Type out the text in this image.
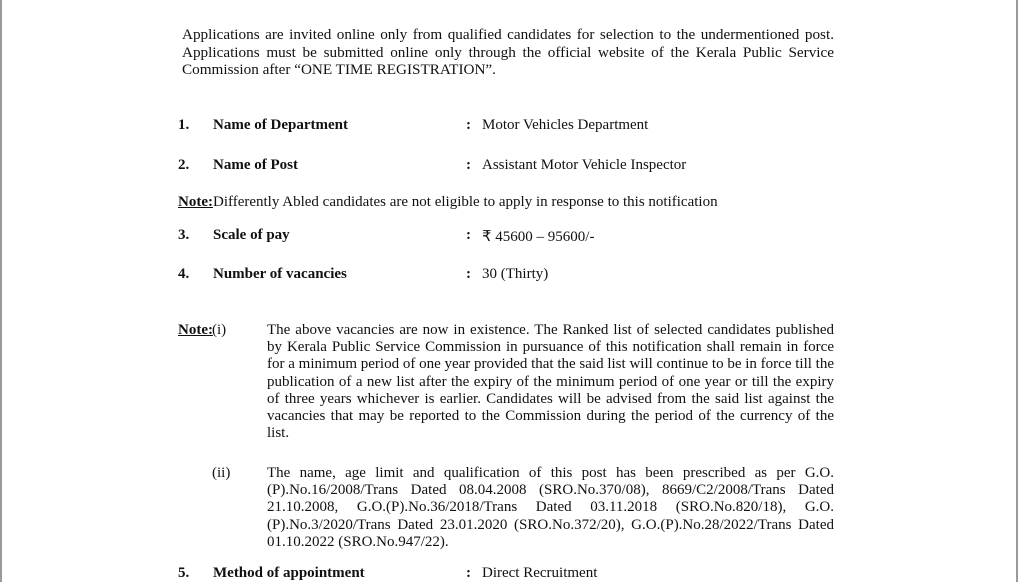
Applications are invited online only from qualified candidates for selection to the undermentioned post. Applications must be submitted online only through the official website of the Kerala Public Service Commission after “ONE TIME REGISTRATION”.
1. Name of Department	: Motor Vehicles Department
2. Name of Post	: Assistant Motor Vehicle Inspector
Note:Differently Abled candidates are not eligible to apply in response to this notification
3. Scale of pay	: ₹ 45600 – 95600/-
4. Number of vacancies	: 30 (Thirty)
Note: (i)	The above vacancies are now in existence. The Ranked list of selected candidates published by Kerala Public Service Commission in pursuance of this notification shall remain in force for a minimum period of one year provided that the said list will continue to be in force till the publication of a new list after the expiry of the minimum period of one year or till the expiry of three years whichever is earlier. Candidates will be advised from the said list against the vacancies that may be reported to the Commission during the period of the currency of the list.
(ii) The name, age limit and qualification of this post has been prescribed as per G.O.(P).No.16/2008/Trans Dated 08.04.2008 (SRO.No.370/08), 8669/C2/2008/Trans Dated 21.10.2008, G.O.(P).No.36/2018/Trans Dated 03.11.2018 (SRO.No.820/18), G.O.(P).No.3/2020/Trans Dated 23.01.2020 (SRO.No.372/20), G.O.(P).No.28/2022/Trans Dated 01.10.2022 (SRO.No.947/22).
5. Method of appointment	: Direct Recruitment
